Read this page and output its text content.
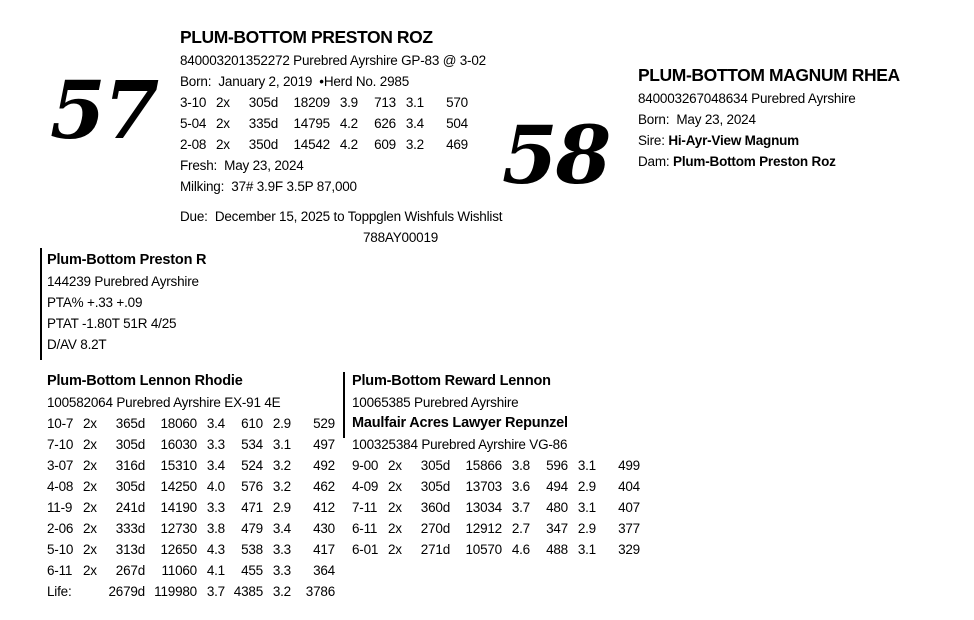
57
PLUM-BOTTOM PRESTON ROZ
840003201352272 Purebred Ayrshire GP-83 @ 3-02
Born:  January 2, 2019  •Herd No. 2985
3-10 2x 305d 18209 3.9 713 3.1 570
5-04 2x 335d 14795 4.2 626 3.4 504
2-08 2x 350d 14542 4.2 609 3.2 469
Fresh:  May 23, 2024
Milking:  37# 3.9F 3.5P 87,000
Due:  December 15, 2025 to Toppglen Wishfuls Wishlist
788AY00019
58
PLUM-BOTTOM MAGNUM RHEA
840003267048634 Purebred Ayrshire
Born:  May 23, 2024
Sire: Hi-Ayr-View Magnum
Dam: Plum-Bottom Preston Roz
Plum-Bottom Preston R
144239 Purebred Ayrshire
PTA% +.33 +.09
PTAT -1.80T 51R 4/25
D/AV 8.2T
Plum-Bottom Lennon Rhodie
100582064 Purebred Ayrshire EX-91 4E
10-7 2x 365d 18060 3.4 610 2.9 529
7-10 2x 305d 16030 3.3 534 3.1 497
3-07 2x 316d 15310 3.4 524 3.2 492
4-08 2x 305d 14250 4.0 576 3.2 462
11-9 2x 241d 14190 3.3 471 2.9 412
2-06 2x 333d 12730 3.8 479 3.4 430
5-10 2x 313d 12650 4.3 538 3.3 417
6-11 2x 267d 11060 4.1 455 3.3 364
Life:	2679d 119980 3.7 4385 3.2 3786
Plum-Bottom Reward Lennon
10065385 Purebred Ayrshire
Maulfair Acres Lawyer Repunzel
100325384 Purebred Ayrshire VG-86
9-00 2x 305d 15866 3.8 596 3.1 499
4-09 2x 305d 13703 3.6 494 2.9 404
7-11 2x 360d 13034 3.7 480 3.1 407
6-11 2x 270d 12912 2.7 347 2.9 377
6-01 2x 271d 10570 4.6 488 3.1 329
